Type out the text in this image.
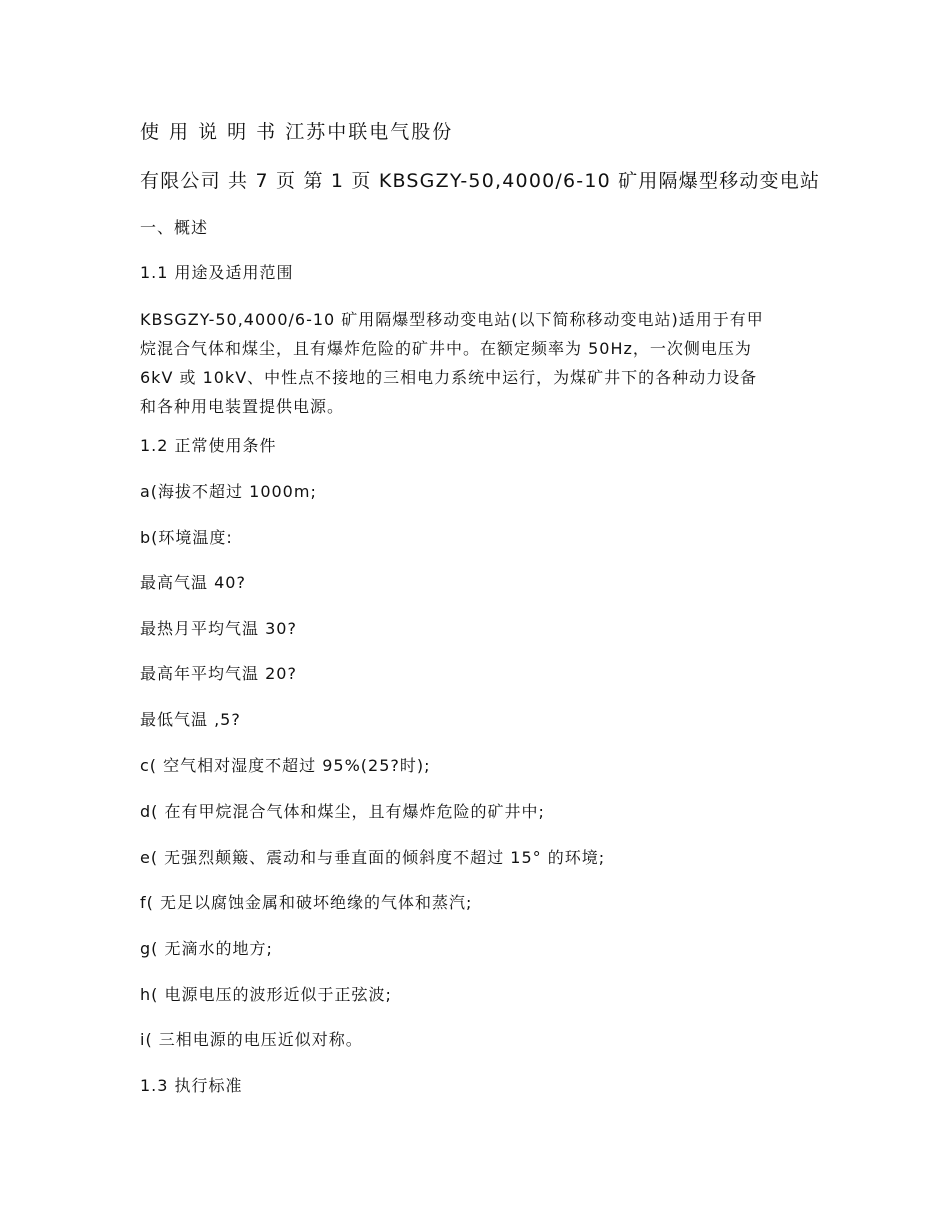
使 用 说 明 书 江苏中联电气股份
有限公司 共 7 页 第 1 页 KBSGZY-50,4000/6-10 矿用隔爆型移动变电站
一、概述
1.1 用途及适用范围
KBSGZY-50,4000/6-10 矿用隔爆型移动变电站(以下简称移动变电站)适用于有甲
烷混合气体和煤尘，且有爆炸危险的矿井中。在额定频率为 50Hz，一次侧电压为
6kV 或 10kV、中性点不接地的三相电力系统中运行，为煤矿井下的各种动力设备
和各种用电装置提供电源。
1.2 正常使用条件
a(海拔不超过 1000m;
b(环境温度:
最高气温 40?
最热月平均气温 30?
最高年平均气温 20?
最低气温 ,5?
c( 空气相对湿度不超过 95%(25?时);
d( 在有甲烷混合气体和煤尘，且有爆炸危险的矿井中;
e( 无强烈颠簸、震动和与垂直面的倾斜度不超过 15° 的环境;
f( 无足以腐蚀金属和破坏绝缘的气体和蒸汽;
g( 无滴水的地方;
h( 电源电压的波形近似于正弦波;
i( 三相电源的电压近似对称。
1.3 执行标准
